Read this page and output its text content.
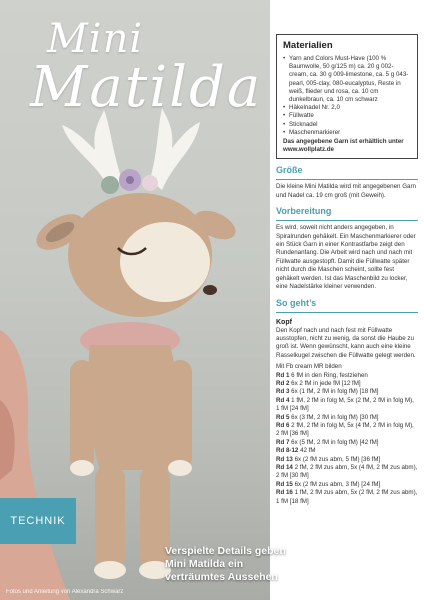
Mini
Matilda
TECHNIK
Verspielte Details geben Mini Matilda ein verträumtes Aussehen
Fotos und Anleitung von Alexandra Schwarz
Materialien
• Yarn and Colors Must-Have (100 % Baumwolle, 50 g/125 m) ca. 20 g 002-cream, ca. 30 g 009-limestone, ca. 5 g 043-pearl, 005-clay, 080-eucalyptus, Reste in weiß, flieder und rosa, ca. 10 cm dunkelbraun, ca. 10 cm schwarz
• Häkelnadel Nr. 2,0
• Füllwatte
• Sticknadel
• Maschenmarkierer
Das angegebene Garn ist erhältlich unter www.wollplatz.de
Größe
Die kleine Mini Matilda wird mit angegebenen Garn und Nadel ca. 19 cm groß (mit Geweih).
Vorbereitung
Es wird, soweit nicht anders angegeben, in Spiralrunden gehäkelt. Ein Maschenmarkierer oder ein Stück Garn in einer Kontrastfarbe zeigt den Rundenanfang. Die Arbeit wird nach und nach mit Füllwatte ausgestopft. Damit die Füllwatte später nicht durch die Maschen scheint, sollte fest gehäkelt werden. Ist das Maschenbild zu locker, eine Nadelstärke kleiner verwenden.
So geht’s
Kopf
Den Kopf nach und nach fest mit Füllwatte ausstopfen, nicht zu wenig, da sonst die Haube zu groß ist. Wenn gewünscht, kann auch eine kleine Rasselkugel zwischen die Füllwatte gelegt werden.
Mit Fb cream MR bilden
Rd 1 6 fM in den Ring, festziehen
Rd 2 6x 2 fM in jede fM [12 fM]
Rd 3 6x (1 fM, 2 fM in folg fM) [18 fM]
Rd 4 1 fM, 2 fM in folg M, 5x (2 fM, 2 fM in folg M), 1 fM [24 fM]
Rd 5 6x (3 fM, 2 fM in folg fM) [30 fM]
Rd 6 2 fM, 2 fM in folg M, 5x (4 fM, 2 fM in folg M), 2 fM [36 fM]
Rd 7 6x (5 fM, 2 fM in folg fM) [42 fM]
Rd 8-12 42 fM
Rd 13 6x (2 fM zus abm, 5 fM) [36 fM]
Rd 14 2 fM, 2 fM zus abm, 5x (4 fM, 2 fM zus abm), 2 fM [30 fM]
Rd 15 6x (2 fM zus abm, 3 fM) [24 fM]
Rd 16 1 fM, 2 fM zus abm, 5x (2 fM, 2 fM zus abm), 1 fM [18 fM]
